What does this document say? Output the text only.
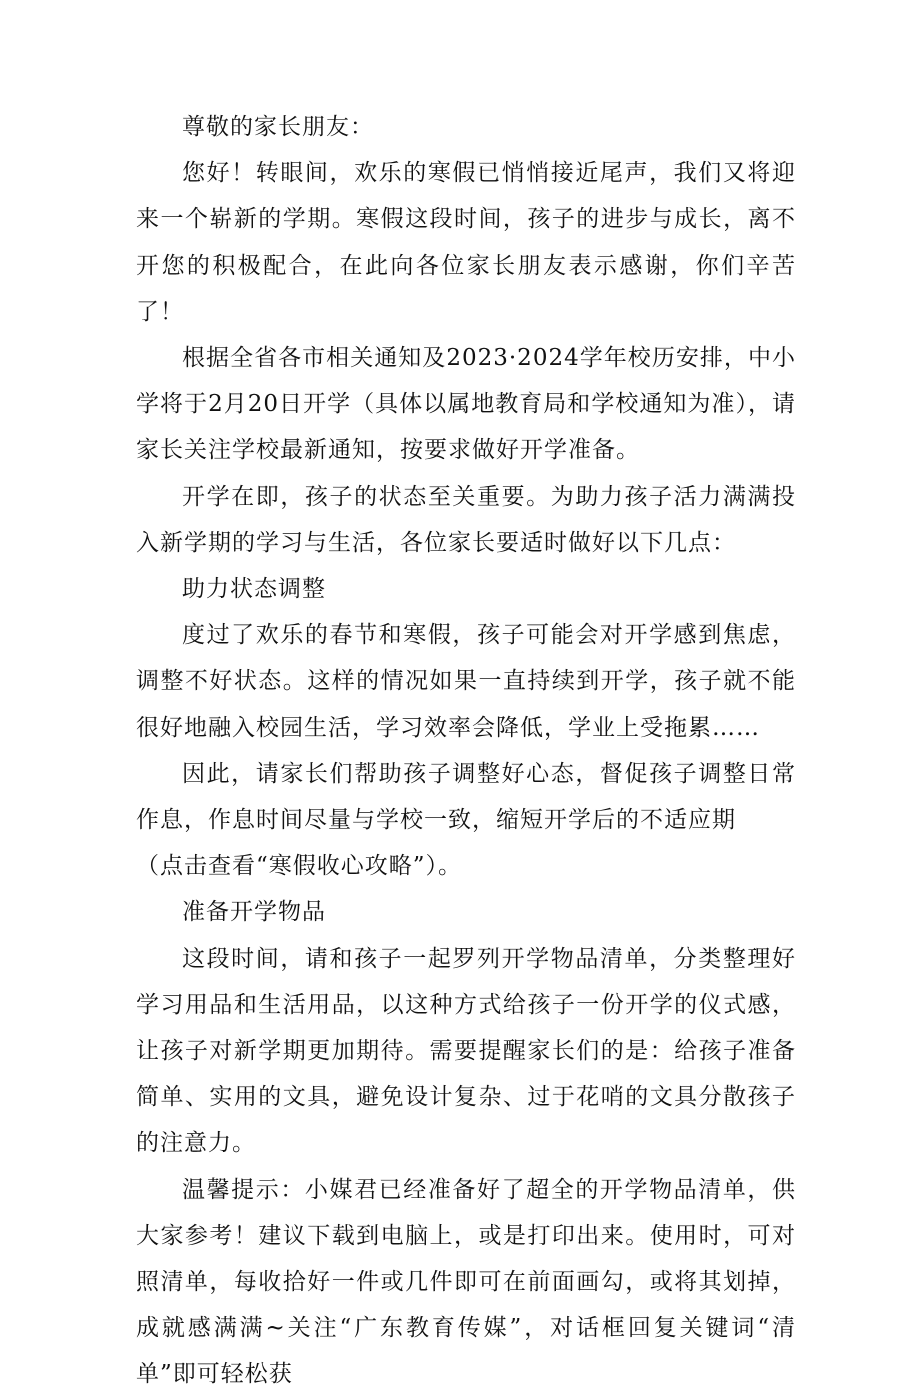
尊敬的家长朋友：

您好！转眼间，欢乐的寒假已悄悄接近尾声，我们又将迎来一个崭新的学期。寒假这段时间，孩子的进步与成长，离不开您的积极配合，在此向各位家长朋友表示感谢，你们辛苦了！

根据全省各市相关通知及2023·2024学年校历安排，中小学将于2月20日开学（具体以属地教育局和学校通知为准），请家长关注学校最新通知，按要求做好开学准备。

开学在即，孩子的状态至关重要。为助力孩子活力满满投入新学期的学习与生活，各位家长要适时做好以下几点：

助力状态调整

度过了欢乐的春节和寒假，孩子可能会对开学感到焦虑，调整不好状态。这样的情况如果一直持续到开学，孩子就不能很好地融入校园生活，学习效率会降低，学业上受拖累……

因此，请家长们帮助孩子调整好心态，督促孩子调整日常作息，作息时间尽量与学校一致，缩短开学后的不适应期

（点击查看“寒假收心攻略”）。

准备开学物品

这段时间，请和孩子一起罗列开学物品清单，分类整理好学习用品和生活用品，以这种方式给孩子一份开学的仪式感，让孩子对新学期更加期待。需要提醒家长们的是：给孩子准备简单、实用的文具，避免设计复杂、过于花哨的文具分散孩子的注意力。

温馨提示：小媒君已经准备好了超全的开学物品清单，供大家参考！建议下载到电脑上，或是打印出来。使用时，可对照清单，每收拾好一件或几件即可在前面画勾，或将其划掉，成就感满满~关注“广东教育传媒”，对话框回复关键词“清单”即可轻松获
